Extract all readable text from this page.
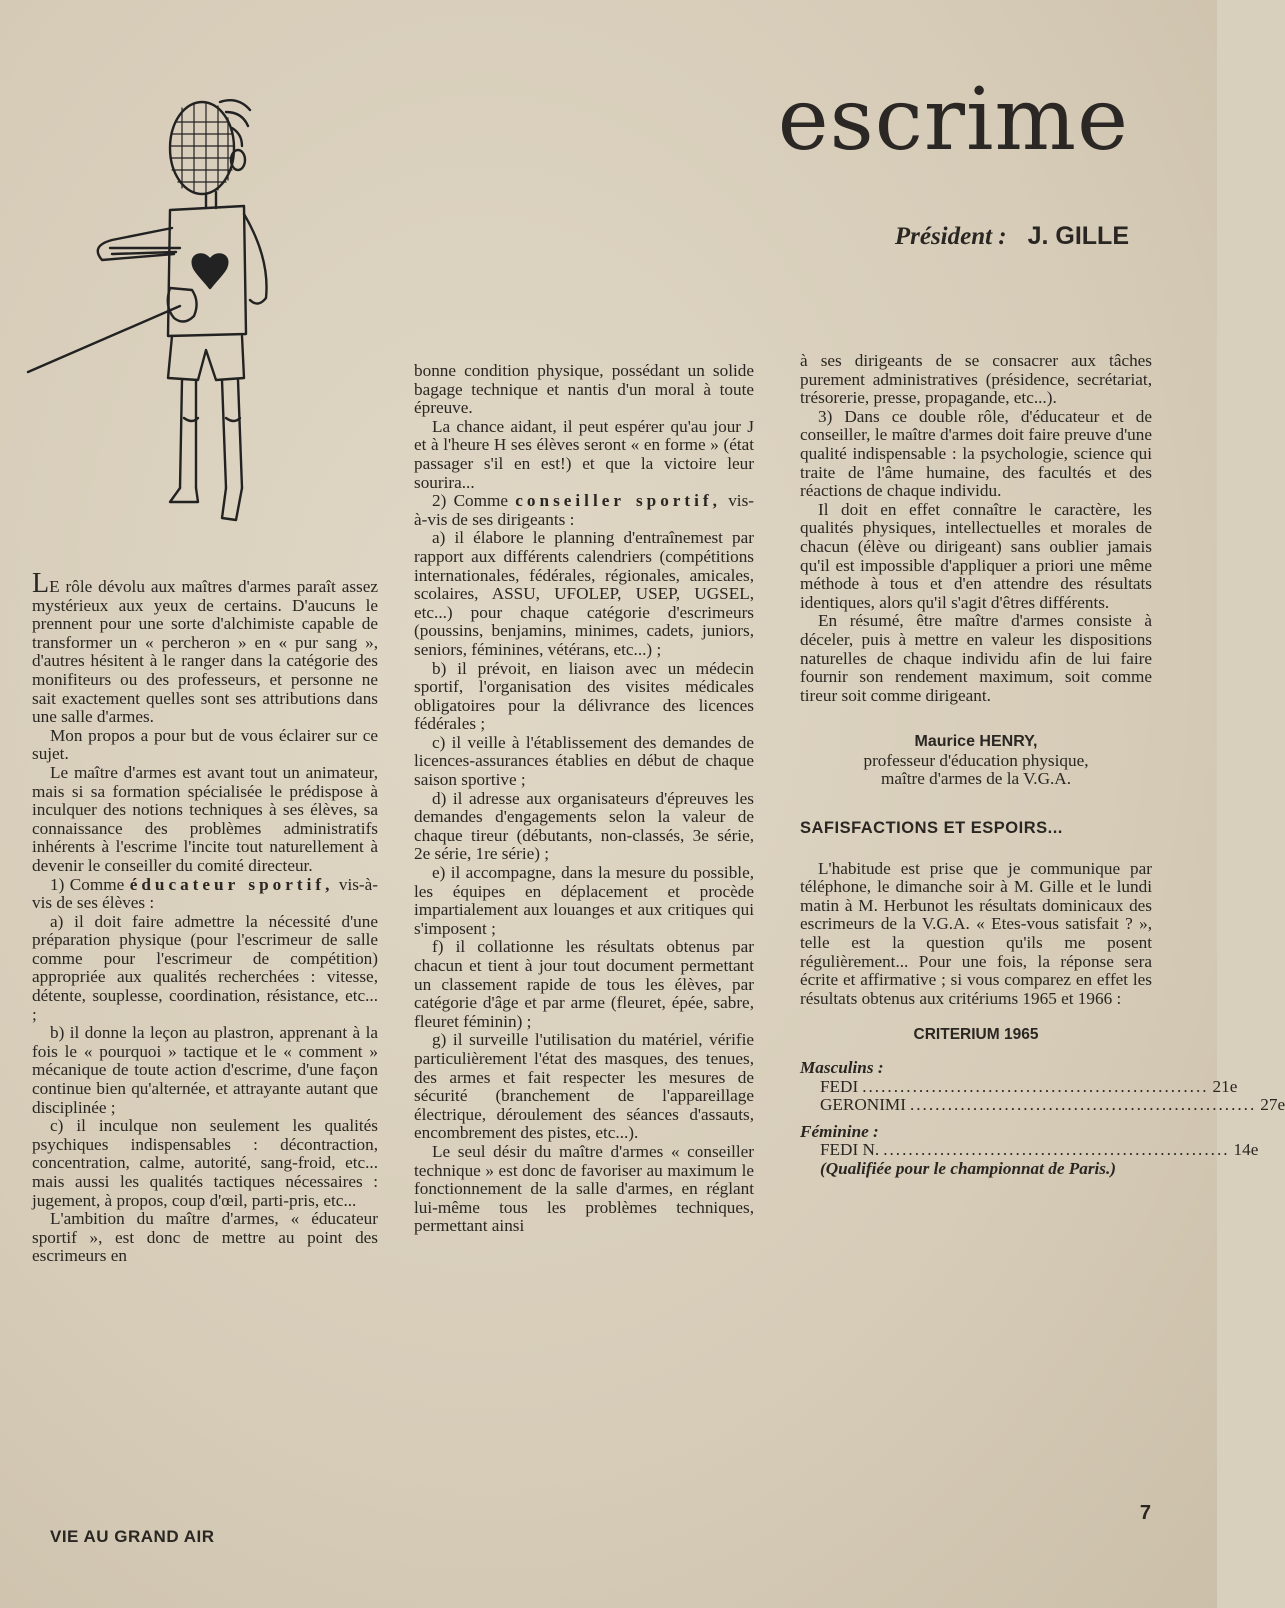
escrime
Président : J. GILLE

LE rôle dévolu aux maîtres d'armes paraît assez mystérieux aux yeux de certains. D'aucuns le prennent pour une sorte d'alchimiste capable de transformer un « percheron » en « pur sang », d'autres hésitent à le ranger dans la catégorie des monifiteurs ou des professeurs, et personne ne sait exactement quelles sont ses attributions dans une salle d'armes.

Mon propos a pour but de vous éclairer sur ce sujet.

Le maître d'armes est avant tout un animateur, mais si sa formation spécialisée le prédispose à inculquer des notions techniques à ses élèves, sa connaissance des problèmes administratifs inhérents à l'escrime l'incite tout naturellement à devenir le conseiller du comité directeur.

1) Comme éducateur sportif, vis-à-vis de ses élèves :

a) il doit faire admettre la nécessité d'une préparation physique (pour l'escrimeur de salle comme pour l'escrimeur de compétition) appropriée aux qualités recherchées : vitesse, détente, souplesse, coordination, résistance, etc... ;

b) il donne la leçon au plastron, apprenant à la fois le « pourquoi » tactique et le « comment » mécanique de toute action d'escrime, d'une façon continue bien qu'alternée, et attrayante autant que disciplinée ;

c) il inculque non seulement les qualités psychiques indispensables : décontraction, concentration, calme, autorité, sang-froid, etc... mais aussi les qualités tactiques nécessaires : jugement, à propos, coup d'œil, parti-pris, etc...

L'ambition du maître d'armes, « éducateur sportif », est donc de mettre au point des escrimeurs en

bonne condition physique, possédant un solide bagage technique et nantis d'un moral à toute épreuve.

La chance aidant, il peut espérer qu'au jour J et à l'heure H ses élèves seront « en forme » (état passager s'il en est!) et que la victoire leur sourira...

2) Comme conseiller sportif, vis-à-vis de ses dirigeants :

a) il élabore le planning d'entraînemest par rapport aux différents calendriers (compétitions internationales, fédérales, régionales, amicales, scolaires, ASSU, UFOLEP, USEP, UGSEL, etc...) pour chaque catégorie d'escrimeurs (poussins, benjamins, minimes, cadets, juniors, seniors, féminines, vétérans, etc...) ;

b) il prévoit, en liaison avec un médecin sportif, l'organisation des visites médicales obligatoires pour la délivrance des licences fédérales ;

c) il veille à l'établissement des demandes de licences-assurances établies en début de chaque saison sportive ;

d) il adresse aux organisateurs d'épreuves les demandes d'engagements selon la valeur de chaque tireur (débutants, non-classés, 3e série, 2e série, 1re série) ;

e) il accompagne, dans la mesure du possible, les équipes en déplacement et procède impartialement aux louanges et aux critiques qui s'imposent ;

f) il collationne les résultats obtenus par chacun et tient à jour tout document permettant un classement rapide de tous les élèves, par catégorie d'âge et par arme (fleuret, épée, sabre, fleuret féminin) ;

g) il surveille l'utilisation du matériel, vérifie particulièrement l'état des masques, des tenues, des armes et fait respecter les mesures de sécurité (branchement de l'appareillage électrique, déroulement des séances d'assauts, encombrement des pistes, etc...).

Le seul désir du maître d'armes « conseiller technique » est donc de favoriser au maximum le fonctionnement de la salle d'armes, en réglant lui-même tous les problèmes techniques, permettant ainsi

à ses dirigeants de se consacrer aux tâches purement administratives (présidence, secrétariat, trésorerie, presse, propagande, etc...).

3) Dans ce double rôle, d'éducateur et de conseiller, le maître d'armes doit faire preuve d'une qualité indispensable : la psychologie, science qui traite de l'âme humaine, des facultés et des réactions de chaque individu.

Il doit en effet connaître le caractère, les qualités physiques, intellectuelles et morales de chacun (élève ou dirigeant) sans oublier jamais qu'il est impossible d'appliquer a priori une même méthode à tous et d'en attendre des résultats identiques, alors qu'il s'agit d'êtres différents.

En résumé, être maître d'armes consiste à déceler, puis à mettre en valeur les dispositions naturelles de chaque individu afin de lui faire fournir son rendement maximum, soit comme tireur soit comme dirigeant.

Maurice HENRY,

professeur d'éducation physique,

maître d'armes de la V.G.A.

SAFISFACTIONS ET ESPOIRS...

L'habitude est prise que je communique par téléphone, le dimanche soir à M. Gille et le lundi matin à M. Herbunot les résultats dominicaux des escrimeurs de la V.G.A. « Etes-vous satisfait ? », telle est la question qu'ils me posent régulièrement... Pour une fois, la réponse sera écrite et affirmative ; si vous comparez en effet les résultats obtenus aux critériums 1965 et 1966 :

CRITERIUM 1965

Masculins :

FEDI ....................................................... 21e
GERONIMI ....................................................... 27e

Féminine :

FEDI N. ....................................................... 14e

(Qualifiée pour le championnat de Paris.)

VIE AU GRAND AIR
7
